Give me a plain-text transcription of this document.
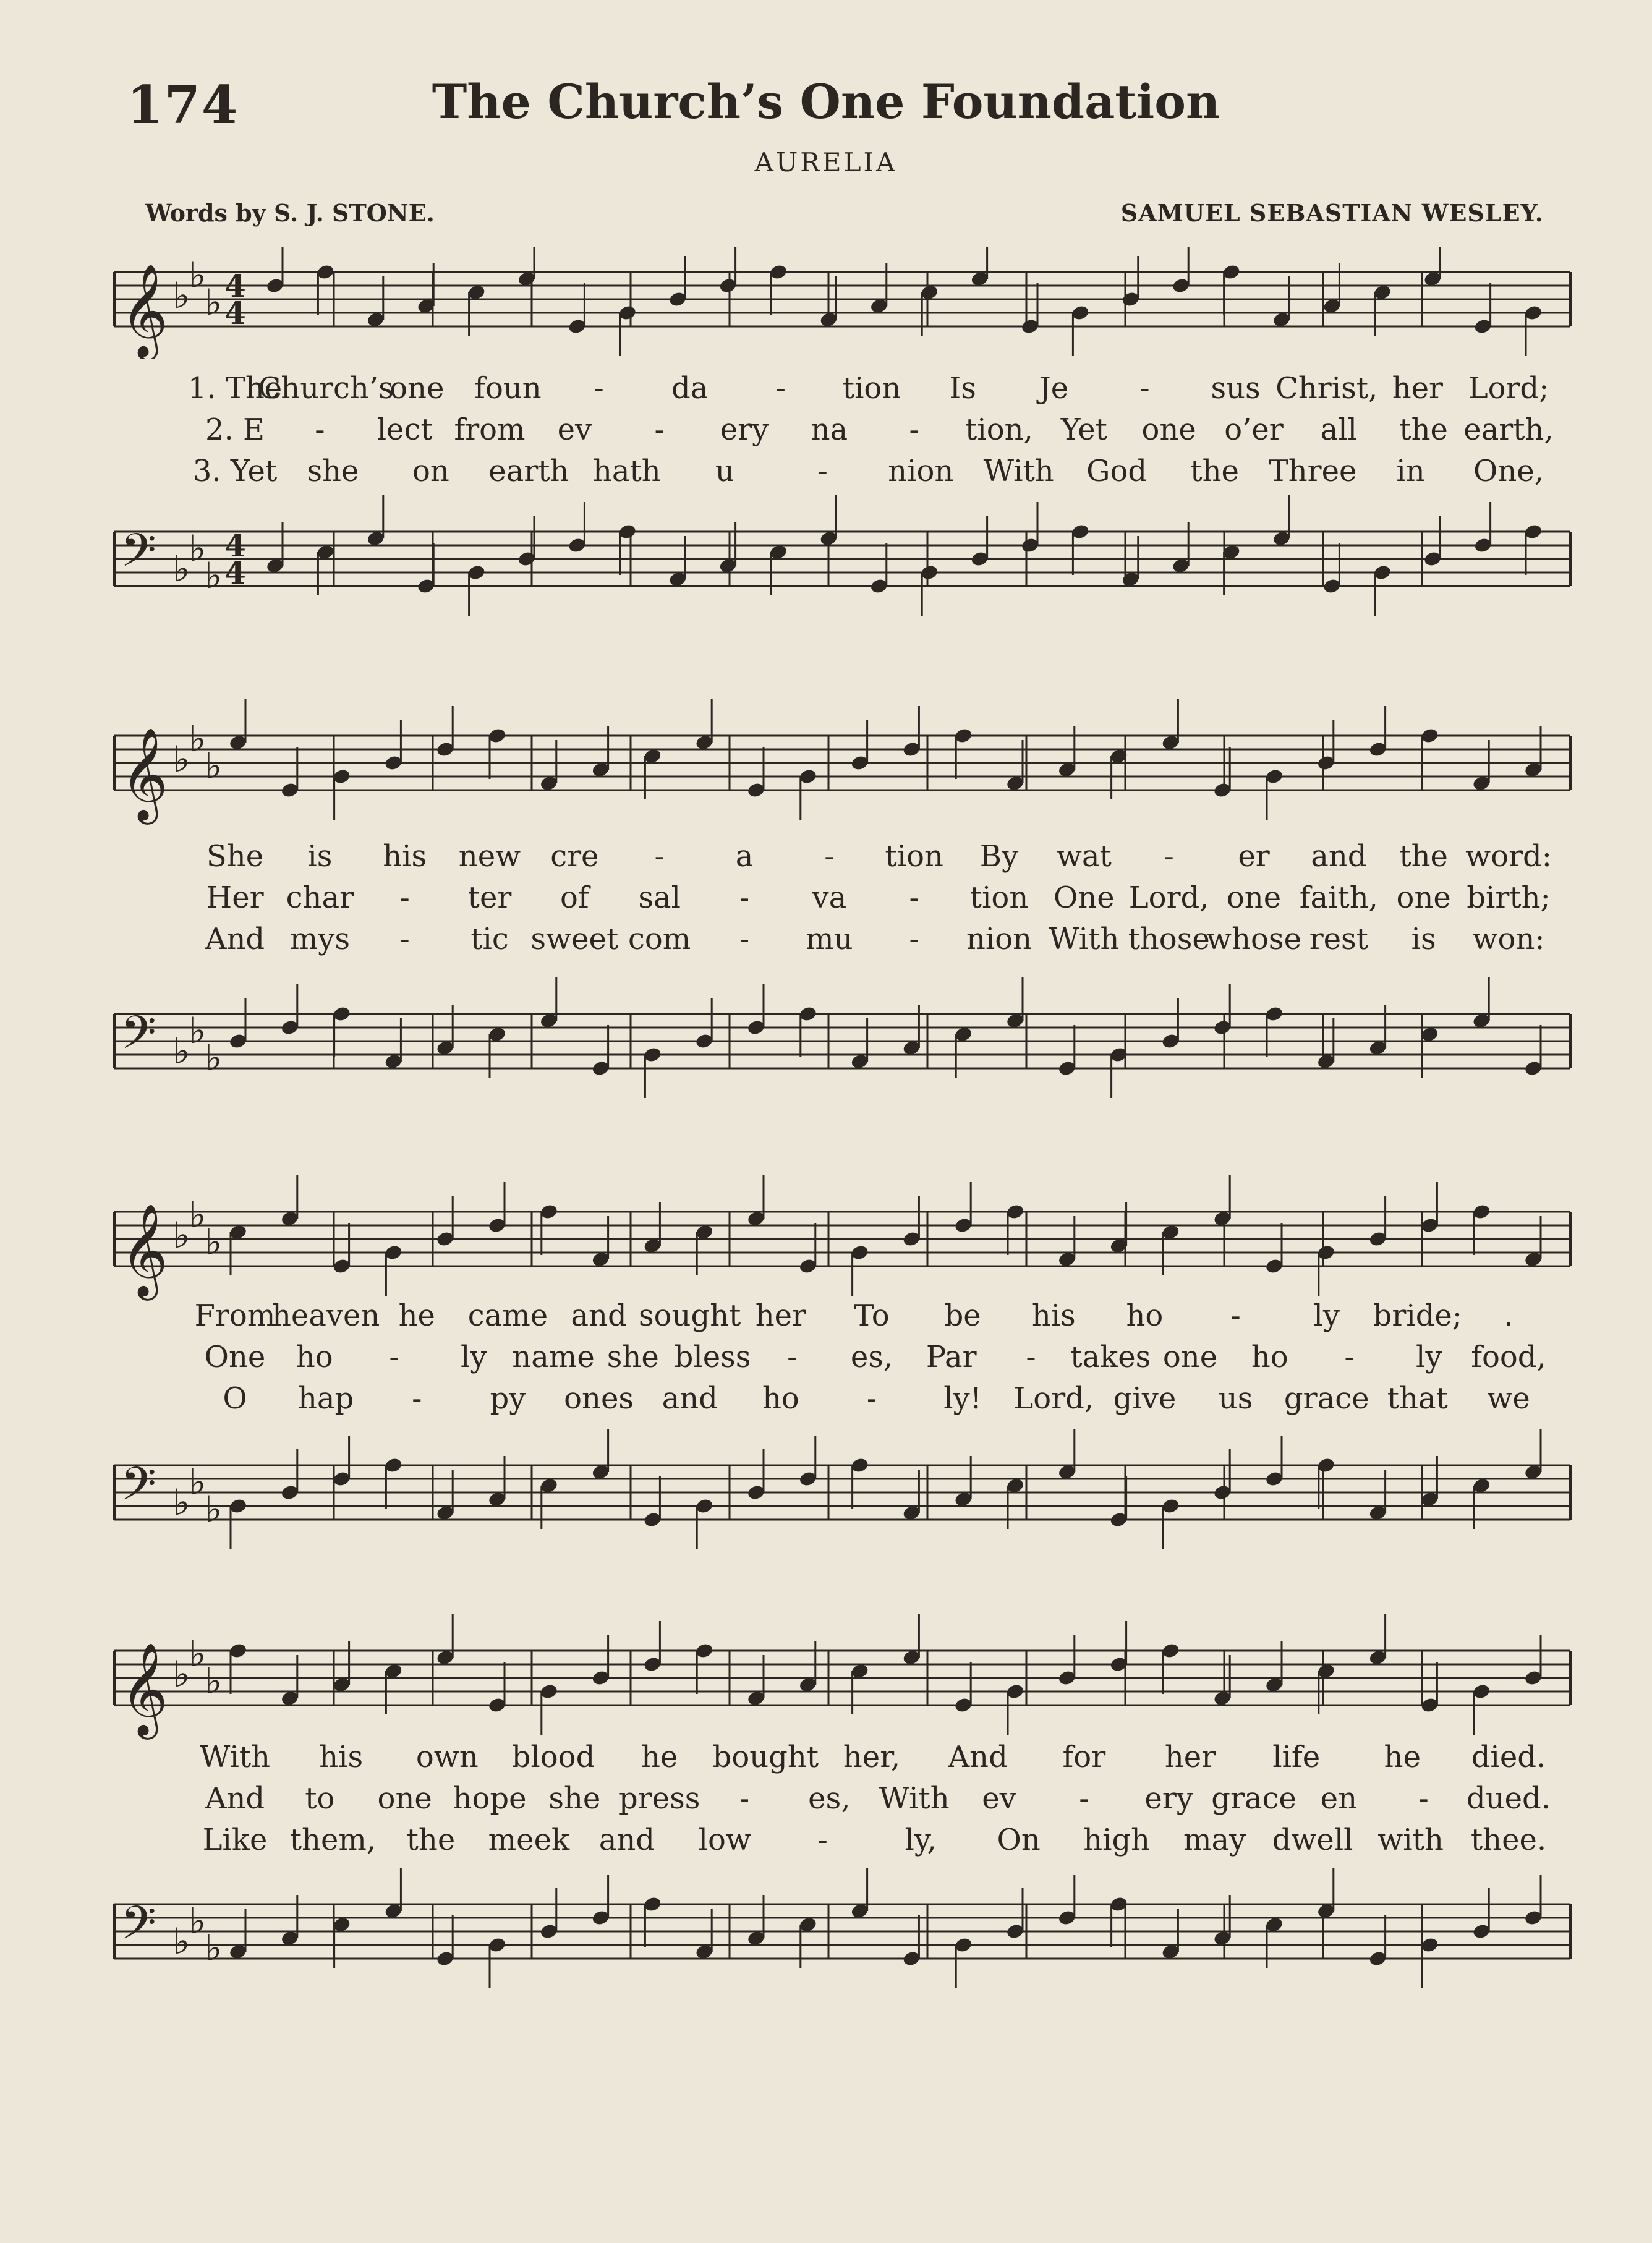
174	The Church’s One Foundation
AURELIA
Words by S. J. STONE.	SAMUEL SEBASTIAN WESLEY.
𝄞 ♭
♭
♭ 4
4
1. The
Church’s
one foun - da - tion Is Je - sus Christ, her Lord;
2. E - lect from ev - ery na - tion, Yet one o’er all the earth,
3. Yet she on earth hath u	- nion With God the Three in One,
𝄢 ♭
♭
♭
4
4
𝄞 ♭
♭
♭
She is his new cre - a - tion By wat - er and the word:
Her char - ter of sal - va - tion One Lord, one faith, one birth;
And mys - tic sweet com - mu - nion With those
whose rest is won:
𝄢 ♭
♭
♭
𝄞 ♭
♭
♭
From
heaven he came and sought her To be his ho - ly bride; .
One ho - ly name she bless - es, Par - takes one ho - ly food,
O hap - py ones and ho - ly! Lord, give us grace that we
𝄢 ♭
♭
♭
𝄞 ♭
♭
♭
With his own blood he bought her, And for her life he died.
And to one hope she press - es, With ev - ery grace en - dued.
Like them, the meek and low -	ly, On high may dwell with thee.
𝄢 ♭
♭
♭
